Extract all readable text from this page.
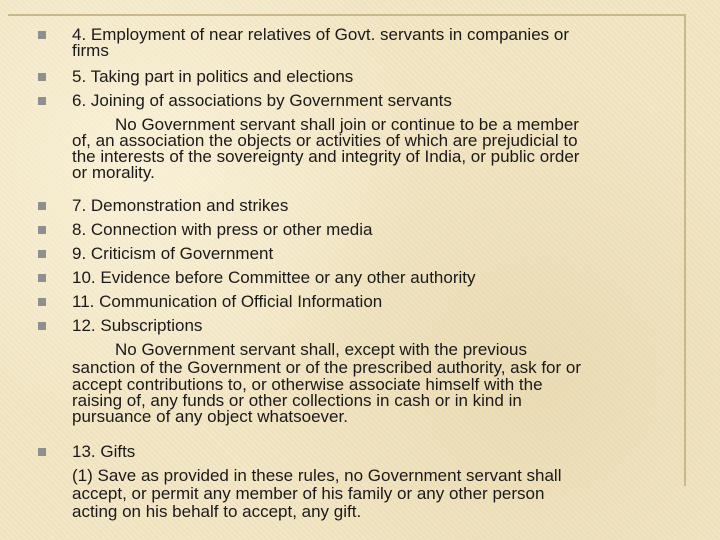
4. Employment of near relatives of Govt. servants in companies or

firms

5. Taking part in politics and elections

6. Joining of associations by Government servants

No Government servant shall join or continue to be a member

of, an association the objects or activities of which are prejudicial to

the interests of the sovereignty and integrity of India, or public order

or morality.

7. Demonstration and strikes

8. Connection with press or other media

9. Criticism of Government

10. Evidence before Committee or any other authority

11. Communication of Official Information

12. Subscriptions

No Government servant shall, except with the previous

sanction of the Government or of the prescribed authority, ask for or

accept contributions to, or otherwise associate himself with the

raising of, any funds or other collections in cash or in kind in

pursuance of any object whatsoever.

13. Gifts

(1) Save as provided in these rules, no Government servant shall

accept, or permit any member of his family or any other person

acting on his behalf to accept, any gift.
